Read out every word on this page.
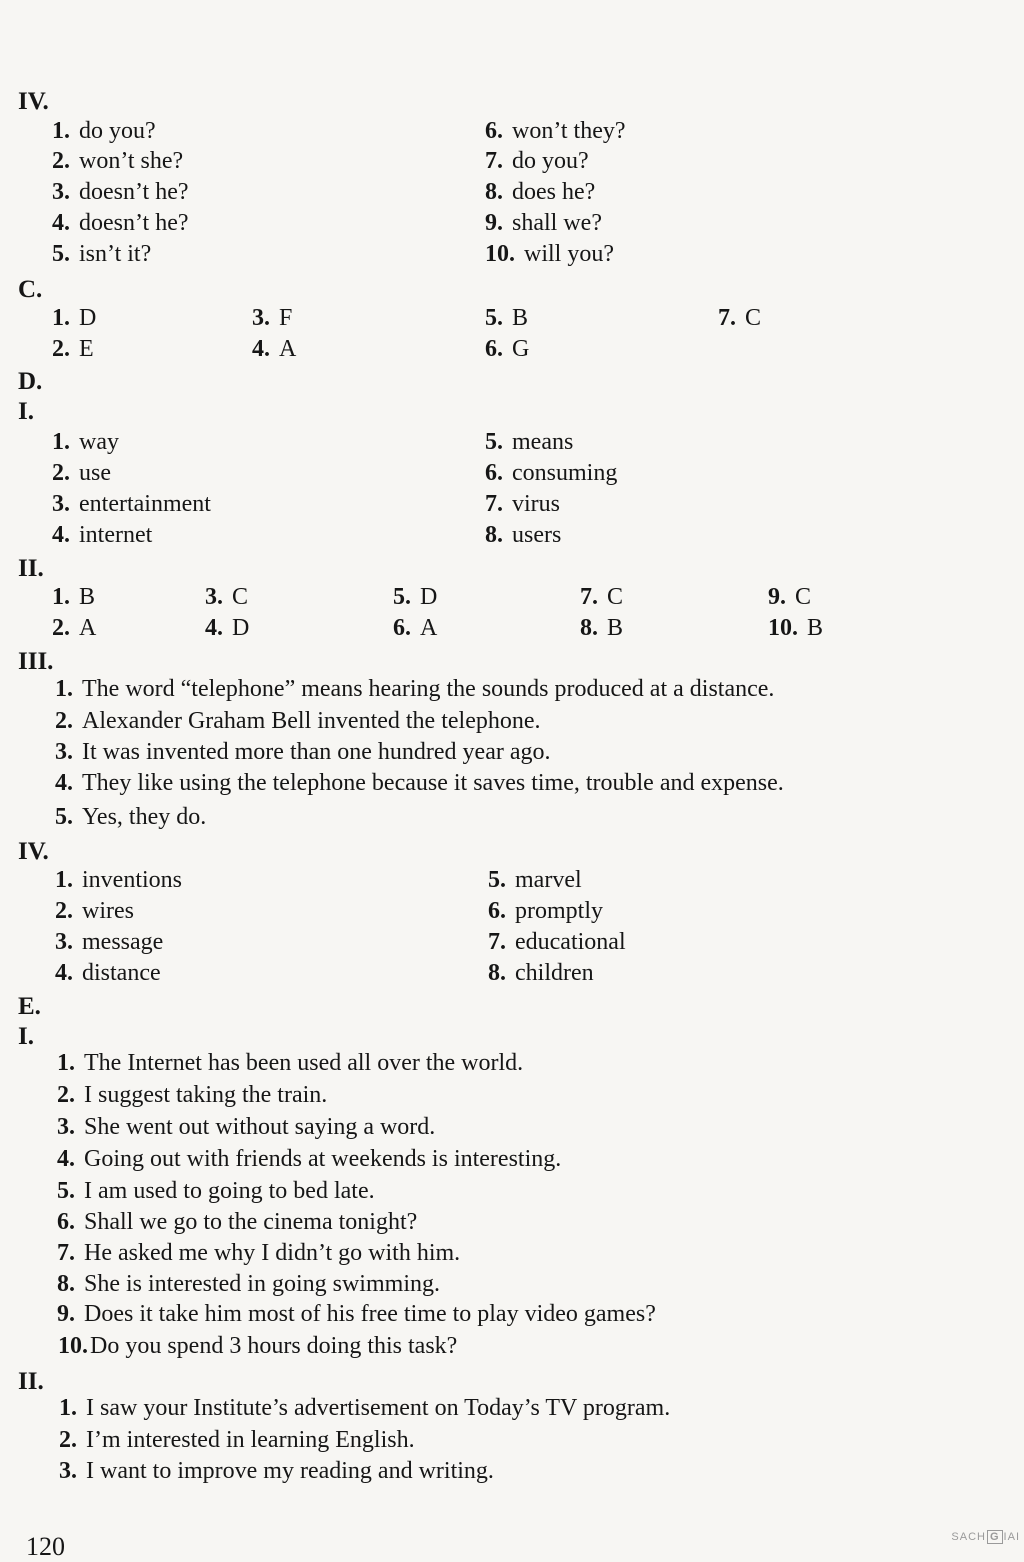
IV.
1. do you?	6. won’t they?
2. won’t she?	7. do you?
3. doesn’t he?	8. does he?
4. doesn’t he?	9. shall we?
5. isn’t it?	10. will you?
C.
1. D	3. F	5. B	7. C
2. E	4. A	6. G
D.
I.
1. way	5. means
2. use	6. consuming
3. entertainment	7. virus
4. internet	8. users
II.
1. B	3. C	5. D	7. C	9. C
2. A	4. D	6. A	8. B	10. B
III.
1. The word “telephone” means hearing the sounds produced at a distance.
2. Alexander Graham Bell invented the telephone.
3. It was invented more than one hundred year ago.
4. They like using the telephone because it saves time, trouble and expense.
5. Yes, they do.
IV.
1. inventions	5. marvel
2. wires	6. promptly
3. message	7. educational
4. distance	8. children
E.
I.
1. The Internet has been used all over the world.
2. I suggest taking the train.
3. She went out without saying a word.
4. Going out with friends at weekends is interesting.
5. I am used to going to bed late.
6. Shall we go to the cinema tonight?
7. He asked me why I didn’t go with him.
8. She is interested in going swimming.
9. Does it take him most of his free time to play video games?
10.Do you spend 3 hours doing this task?
II.
1. I saw your Institute’s advertisement on Today’s TV program.
2. I’m interested in learning English.
3. I want to improve my reading and writing.
120	SACH G IAI
